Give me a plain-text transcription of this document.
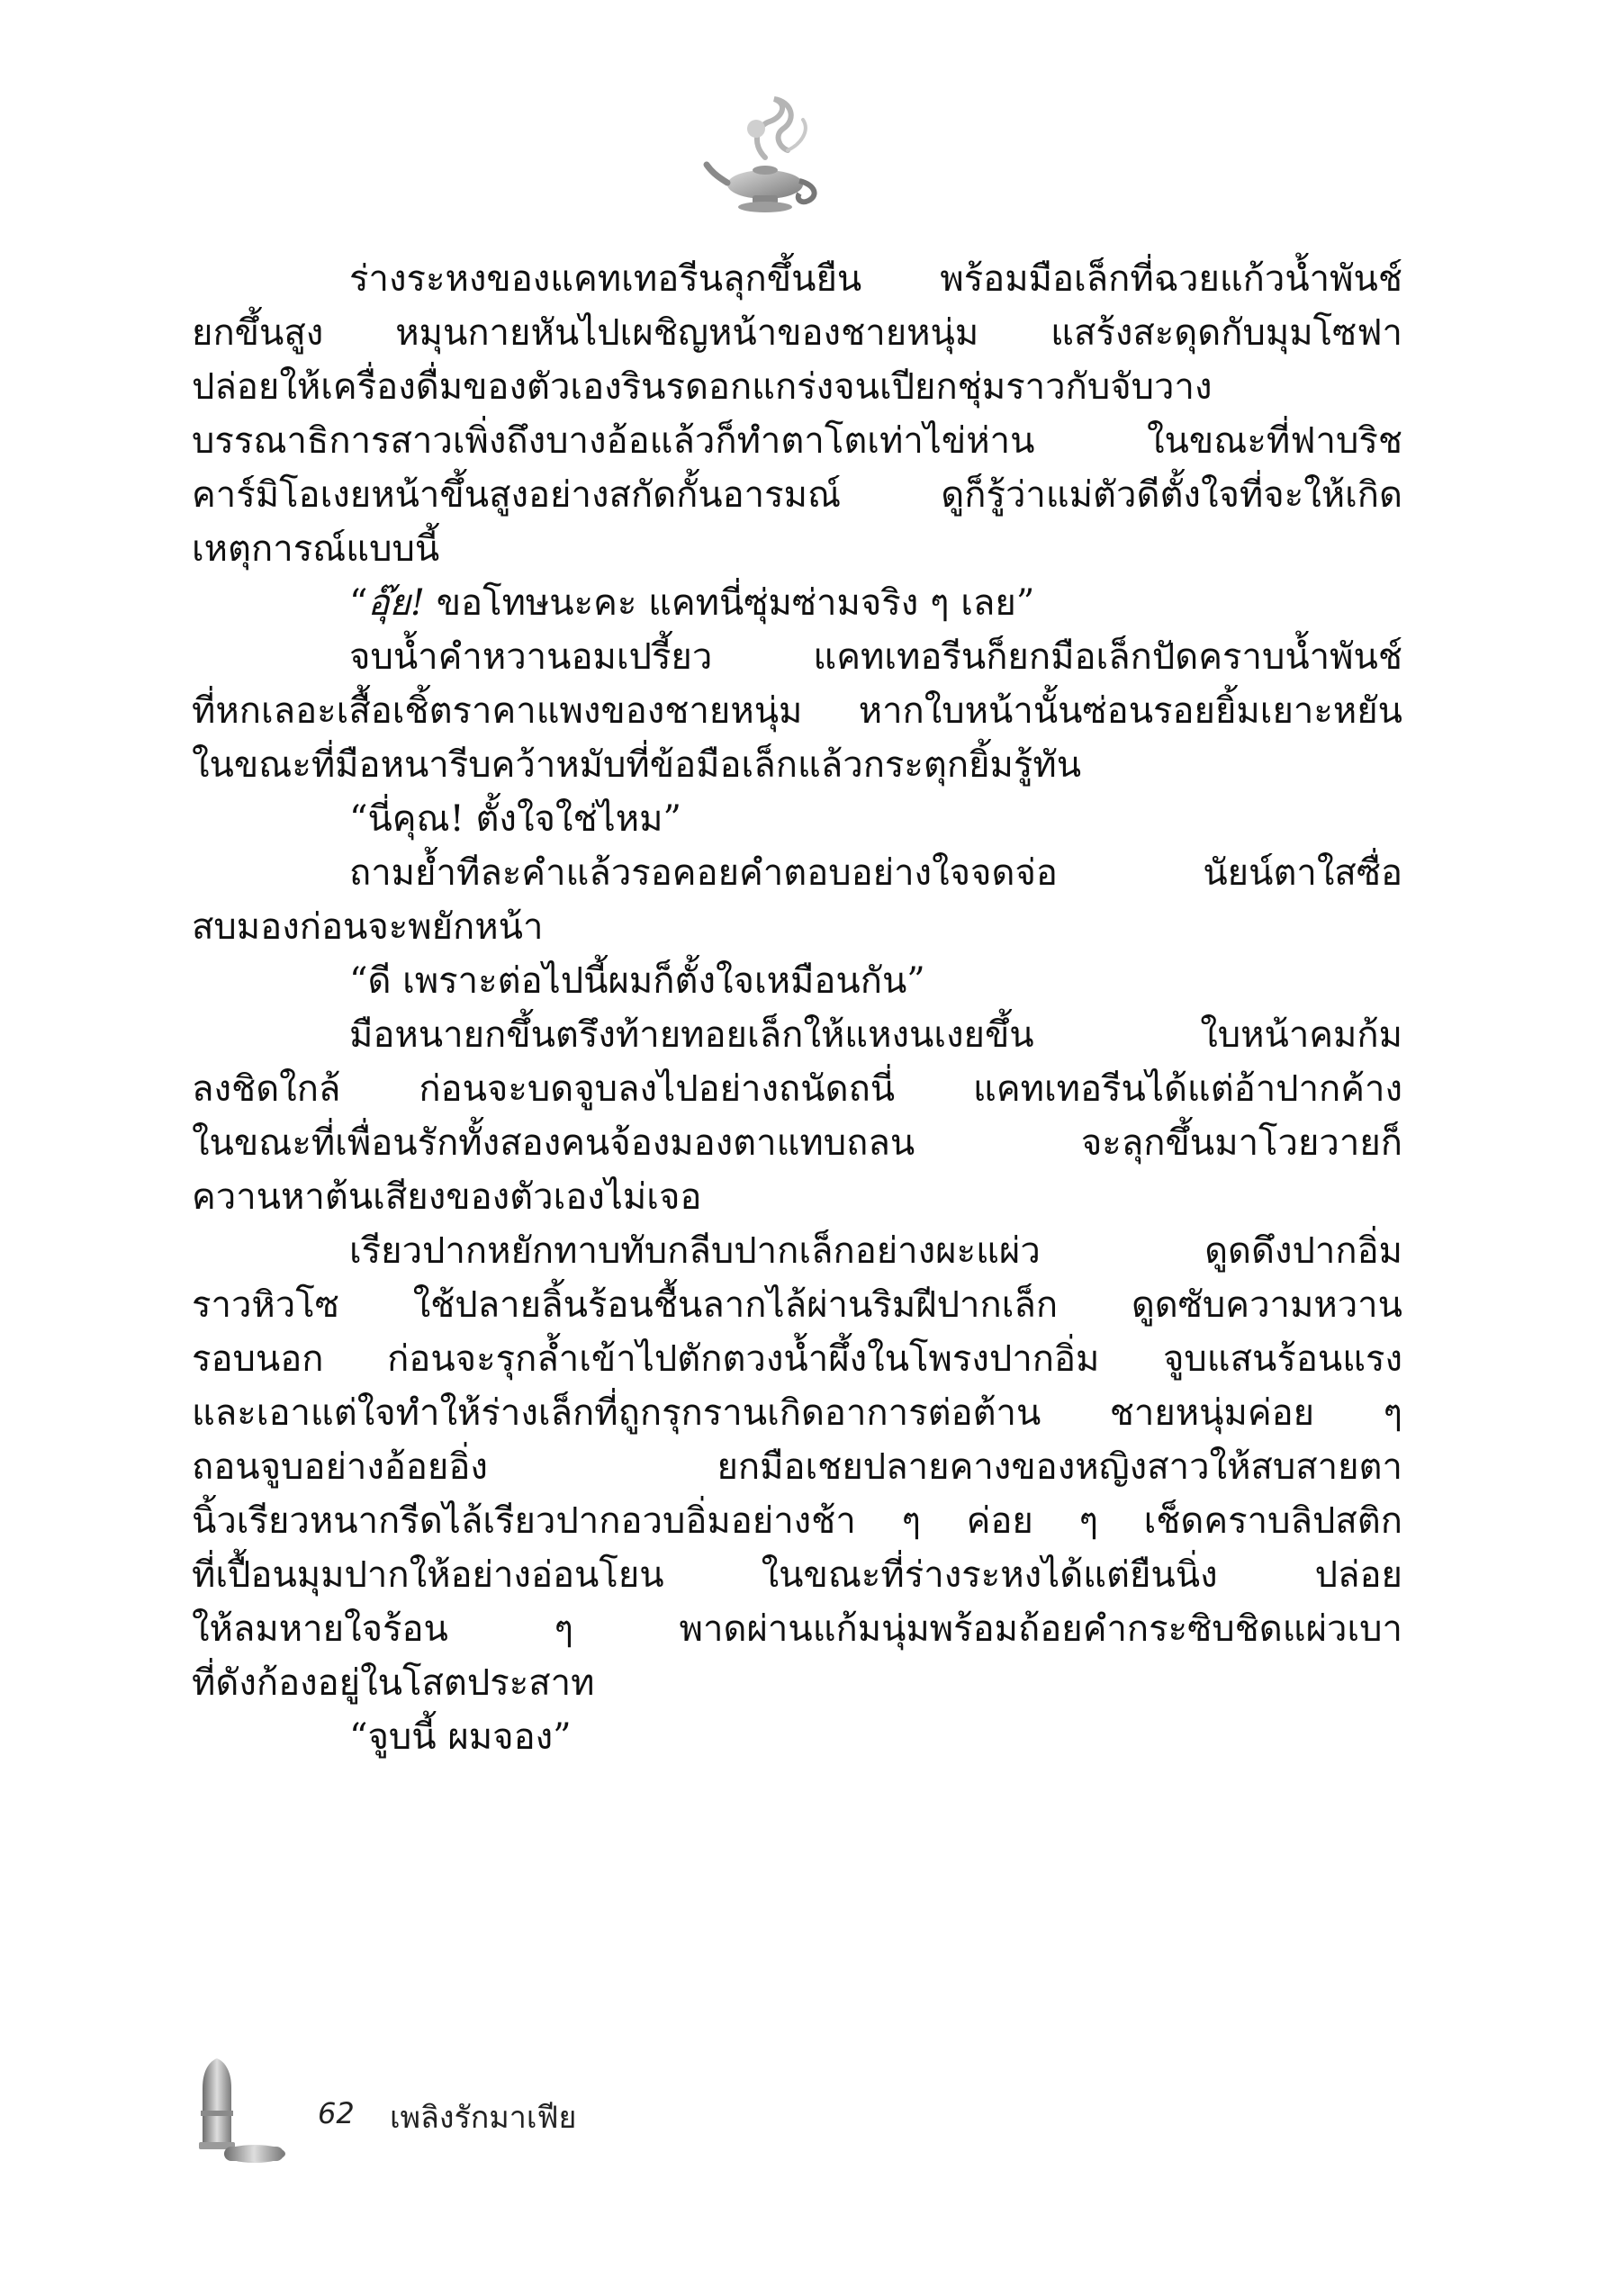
ร่างระหงของแคทเทอรีนลุกขึ้นยืน พร้อมมือเล็กที่ฉวยแก้วน้ำพันช์
ยกขึ้นสูง หมุนกายหันไปเผชิญหน้าของชายหนุ่ม แสร้งสะดุดกับมุมโซฟา
ปล่อยให้เครื่องดื่มของตัวเองรินรดอกแกร่งจนเปียกชุ่มราวกับจับวาง
บรรณาธิการสาวเพิ่งถึงบางอ้อแล้วก็ทำตาโตเท่าไข่ห่าน ในขณะที่ฟาบริช
คาร์มิโอเงยหน้าขึ้นสูงอย่างสกัดกั้นอารมณ์ ดูก็รู้ว่าแม่ตัวดีตั้งใจที่จะให้เกิด
เหตุการณ์แบบนี้
“อุ๊ย! ขอโทษนะคะ แคทนี่ซุ่มซ่ามจริง ๆ เลย”
จบน้ำคำหวานอมเปรี้ยว แคทเทอรีนก็ยกมือเล็กปัดคราบน้ำพันช์
ที่หกเลอะเสื้อเชิ้ตราคาแพงของชายหนุ่ม หากใบหน้านั้นซ่อนรอยยิ้มเยาะหยัน
ในขณะที่มือหนารีบคว้าหมับที่ข้อมือเล็กแล้วกระตุกยิ้มรู้ทัน
“นี่คุณ! ตั้งใจใช่ไหม”
ถามย้ำทีละคำแล้วรอคอยคำตอบอย่างใจจดจ่อ นัยน์ตาใสซื่อ
สบมองก่อนจะพยักหน้า
“ดี เพราะต่อไปนี้ผมก็ตั้งใจเหมือนกัน”
มือหนายกขึ้นตรึงท้ายทอยเล็กให้แหงนเงยขึ้น ใบหน้าคมก้ม
ลงชิดใกล้ ก่อนจะบดจูบลงไปอย่างถนัดถนี่ แคทเทอรีนได้แต่อ้าปากค้าง
ในขณะที่เพื่อนรักทั้งสองคนจ้องมองตาแทบถลน จะลุกขึ้นมาโวยวายก็
ควานหาต้นเสียงของตัวเองไม่เจอ
เรียวปากหยักทาบทับกลีบปากเล็กอย่างผะแผ่ว ดูดดึงปากอิ่ม
ราวหิวโซ ใช้ปลายลิ้นร้อนชื้นลากไล้ผ่านริมฝีปากเล็ก ดูดซับความหวาน
รอบนอก ก่อนจะรุกล้ำเข้าไปตักตวงน้ำผึ้งในโพรงปากอิ่ม จูบแสนร้อนแรง
และเอาแต่ใจทำให้ร่างเล็กที่ถูกรุกรานเกิดอาการต่อต้าน ชายหนุ่มค่อย ๆ
ถอนจูบอย่างอ้อยอิ่ง ยกมือเชยปลายคางของหญิงสาวให้สบสายตา
นิ้วเรียวหนากรีดไล้เรียวปากอวบอิ่มอย่างช้า ๆ ค่อย ๆ เช็ดคราบลิปสติก
ที่เปื้อนมุมปากให้อย่างอ่อนโยน ในขณะที่ร่างระหงได้แต่ยืนนิ่ง ปล่อย
ให้ลมหายใจร้อน ๆ พาดผ่านแก้มนุ่มพร้อมถ้อยคำกระซิบชิดแผ่วเบา
ที่ดังก้องอยู่ในโสตประสาท
“จูบนี้ ผมจอง”
62 เพลิงรักมาเฟีย
